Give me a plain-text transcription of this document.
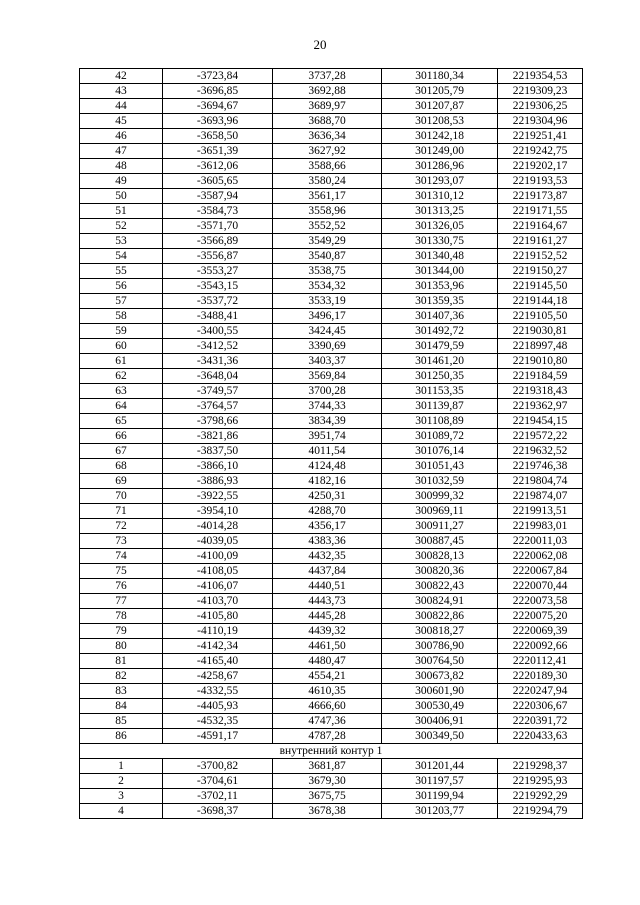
20
42	-3723,84	3737,28	301180,34	2219354,53
43	-3696,85	3692,88	301205,79	2219309,23
44	-3694,67	3689,97	301207,87	2219306,25
45	-3693,96	3688,70	301208,53	2219304,96
46	-3658,50	3636,34	301242,18	2219251,41
47	-3651,39	3627,92	301249,00	2219242,75
48	-3612,06	3588,66	301286,96	2219202,17
49	-3605,65	3580,24	301293,07	2219193,53
50	-3587,94	3561,17	301310,12	2219173,87
51	-3584,73	3558,96	301313,25	2219171,55
52	-3571,70	3552,52	301326,05	2219164,67
53	-3566,89	3549,29	301330,75	2219161,27
54	-3556,87	3540,87	301340,48	2219152,52
55	-3553,27	3538,75	301344,00	2219150,27
56	-3543,15	3534,32	301353,96	2219145,50
57	-3537,72	3533,19	301359,35	2219144,18
58	-3488,41	3496,17	301407,36	2219105,50
59	-3400,55	3424,45	301492,72	2219030,81
60	-3412,52	3390,69	301479,59	2218997,48
61	-3431,36	3403,37	301461,20	2219010,80
62	-3648,04	3569,84	301250,35	2219184,59
63	-3749,57	3700,28	301153,35	2219318,43
64	-3764,57	3744,33	301139,87	2219362,97
65	-3798,66	3834,39	301108,89	2219454,15
66	-3821,86	3951,74	301089,72	2219572,22
67	-3837,50	4011,54	301076,14	2219632,52
68	-3866,10	4124,48	301051,43	2219746,38
69	-3886,93	4182,16	301032,59	2219804,74
70	-3922,55	4250,31	300999,32	2219874,07
71	-3954,10	4288,70	300969,11	2219913,51
72	-4014,28	4356,17	300911,27	2219983,01
73	-4039,05	4383,36	300887,45	2220011,03
74	-4100,09	4432,35	300828,13	2220062,08
75	-4108,05	4437,84	300820,36	2220067,84
76	-4106,07	4440,51	300822,43	2220070,44
77	-4103,70	4443,73	300824,91	2220073,58
78	-4105,80	4445,28	300822,86	2220075,20
79	-4110,19	4439,32	300818,27	2220069,39
80	-4142,34	4461,50	300786,90	2220092,66
81	-4165,40	4480,47	300764,50	2220112,41
82	-4258,67	4554,21	300673,82	2220189,30
83	-4332,55	4610,35	300601,90	2220247,94
84	-4405,93	4666,60	300530,49	2220306,67
85	-4532,35	4747,36	300406,91	2220391,72
86	-4591,17	4787,28	300349,50	2220433,63
внутренний контур 1				
1	-3700,82	3681,87	301201,44	2219298,37
2	-3704,61	3679,30	301197,57	2219295,93
3	-3702,11	3675,75	301199,94	2219292,29
4	-3698,37	3678,38	301203,77	2219294,79
